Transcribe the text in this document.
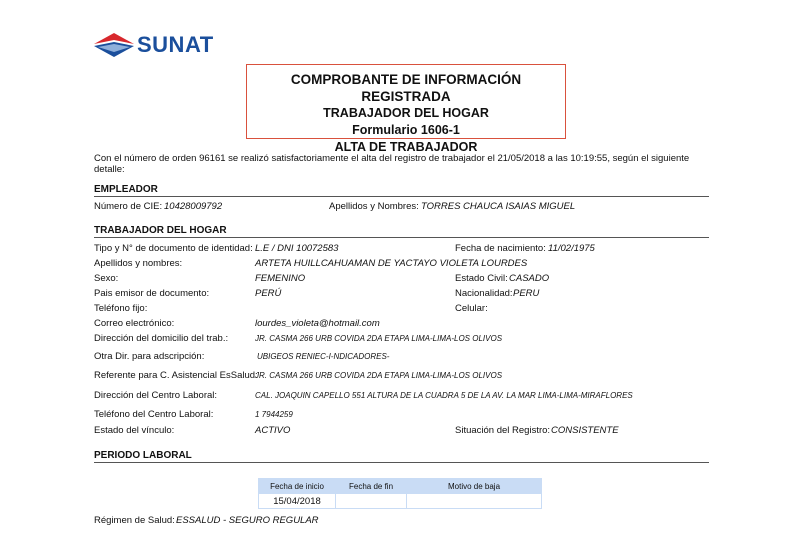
SUNAT
COMPROBANTE DE INFORMACIÓN REGISTRADA
TRABAJADOR DEL HOGAR
Formulario 1606-1
ALTA DE TRABAJADOR
Con el número de orden 96161 se realizó satisfactoriamente el alta del registro de trabajador el 21/05/2018 a las 10:19:55, según el siguiente detalle:
EMPLEADOR
Número de CIE: 10428009792	Apellidos y Nombres: TORRES CHAUCA ISAIAS MIGUEL
TRABAJADOR DEL HOGAR
Tipo y N° de documento de identidad: L.E / DNI 10072583	Fecha de nacimiento: 11/02/1975
Apellidos y nombres:	ARTETA HUILLCAHUAMAN DE YACTAYO VIOLETA LOURDES
Sexo:	FEMENINO	Estado Civil: CASADO
Pais emisor de documento:	PERÚ	Nacionalidad: PERU
Teléfono fijo:	Celular:
Correo electrónico:	lourdes_violeta@hotmail.com
Dirección del domicilio del trab.:	JR. CASMA 266 URB COVIDA 2DA ETAPA LIMA-LIMA-LOS OLIVOS
Otra Dir. para adscripción:	UBIGEOS RENIEC-I-NDICADORES-
Referente para C. Asistencial EsSalud:
JR. CASMA 266 URB COVIDA 2DA ETAPA LIMA-LIMA-LOS OLIVOS
Dirección del Centro Laboral:	CAL. JOAQUIN CAPELLO 551 ALTURA DE LA CUADRA 5 DE LA AV. LA MAR LIMA-LIMA-MIRAFLORES
Teléfono del Centro Laboral:	1 7944259
Estado del vínculo:	ACTIVO	Situación del Registro: CONSISTENTE
PERIODO LABORAL
Fecha de inicio	Fecha de fin	Motivo de baja
15/04/2018		
Régimen de Salud: ESSALUD - SEGURO REGULAR
